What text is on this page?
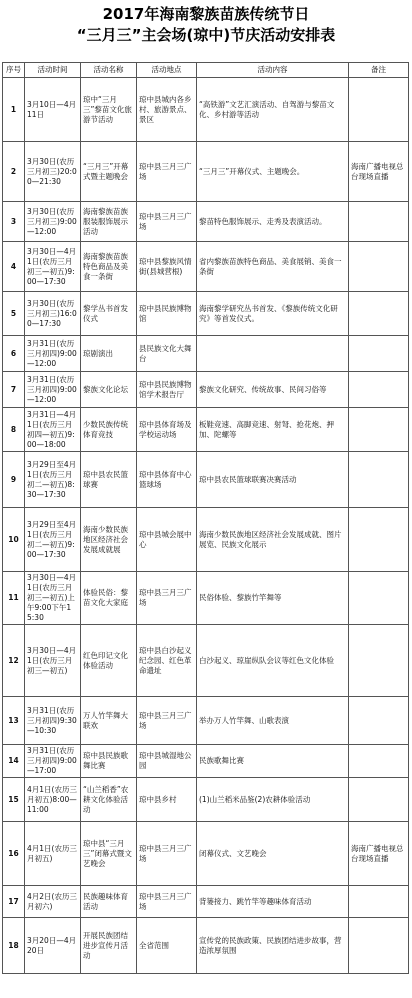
2017年海南黎族苗族传统节日
“三月三”主会场(琼中)节庆活动安排表
序号	活动时间	活动名称	活动地点	活动内容	备注
1	3月10日—4月11日	琼中“三月三”黎苗文化旅游节活动	琼中县城内各乡村、旅游景点、景区	“高铁游”文艺汇演活动、自驾游与黎苗文化、乡村游等活动	
2	3月30日(农历三月初三)20:00—21:30	“三月三”开幕式暨主题晚会	琼中县三月三广场	“三月三”开幕仪式、主题晚会。	海南广播电视总台现场直播
3	3月30日(农历三月初三)9:00—12:00	海南黎族苗族服装服饰展示活动	琼中县三月三广场	黎苗特色服饰展示、走秀及表演活动。	
4	3月30日—4月1日(农历三月初三—初五)9:00—17:30	海南黎族苗族特色商品及美食一条街	琼中县黎族风情街(县城营根)	省内黎族苗族特色商品、美食展销、美食一条街	
5	3月30日(农历三月初三)16:00—17:30	黎学丛书首发仪式	琼中县民族博物馆	海南黎学研究丛书首发、《黎族传统文化研究》等首发仪式。	
6	3月31日(农历三月初四)9:00—12:00	琼剧演出	县民族文化大舞台		
7	3月31日(农历三月初四)9:00—12:00	黎族文化论坛	琼中县民族博物馆学术报告厅	黎族文化研究、传统故事、民间习俗等	
8	3月31日—4月1日(农历三月初四—初五)9:00—18:00	少数民族传统体育竞技	琼中县体育场及学校运动场	板鞋竞速、高脚竞速、射弩、抢花炮、押加、陀螺等	
9	3月29日至4月1日(农历三月初二—初五)8:30—17:30	琼中县农民篮球赛	琼中县体育中心篮球场	琼中县农民篮球联赛决赛活动	
10	3月29日至4月1日(农历三月初二—初五)9:00—17:30	海南少数民族地区经济社会发展成就展	琼中县城会展中心	海南少数民族地区经济社会发展成就、图片展览、民族文化展示	
11	3月30日—4月1日(农历三月初三—初五)上午9:00下午15:30	体验民俗：黎苗文化大家庭	琼中县三月三广场	民俗体验、黎族竹竿舞等	
12	3月30日—4月1日(农历三月初三—初五)	红色印记文化体验活动	琼中县白沙起义纪念园、红色革命遗址	白沙起义、琼崖纵队会议等红色文化体验	
13	3月31日(农历三月初四)9:30—10:30	万人竹竿舞大联欢	琼中县三月三广场	举办万人竹竿舞、山歌表演	
14	3月31日(农历三月初四)9:00—17:00	琼中县民族歌舞比赛	琼中县城湿地公园	民族歌舞比赛	
15	4月1日(农历三月初五)8:00—11:00	“山兰稻香”农耕文化体验活动	琼中县乡村	(1)山兰稻米品鉴(2)农耕体验活动	
16	4月1日(农历三月初五)	琼中县“三月三”闭幕式暨文艺晚会	琼中县三月三广场	闭幕仪式、文艺晚会	海南广播电视总台现场直播
17	4月2日(农历三月初六)	民族趣味体育活动	琼中县三月三广场	背篓接力、跳竹竿等趣味体育活动	
18	3月20日—4月20日	开展民族团结进步宣传月活动	全省范围	宣传党的民族政策、民族团结进步故事，营造浓厚氛围	
